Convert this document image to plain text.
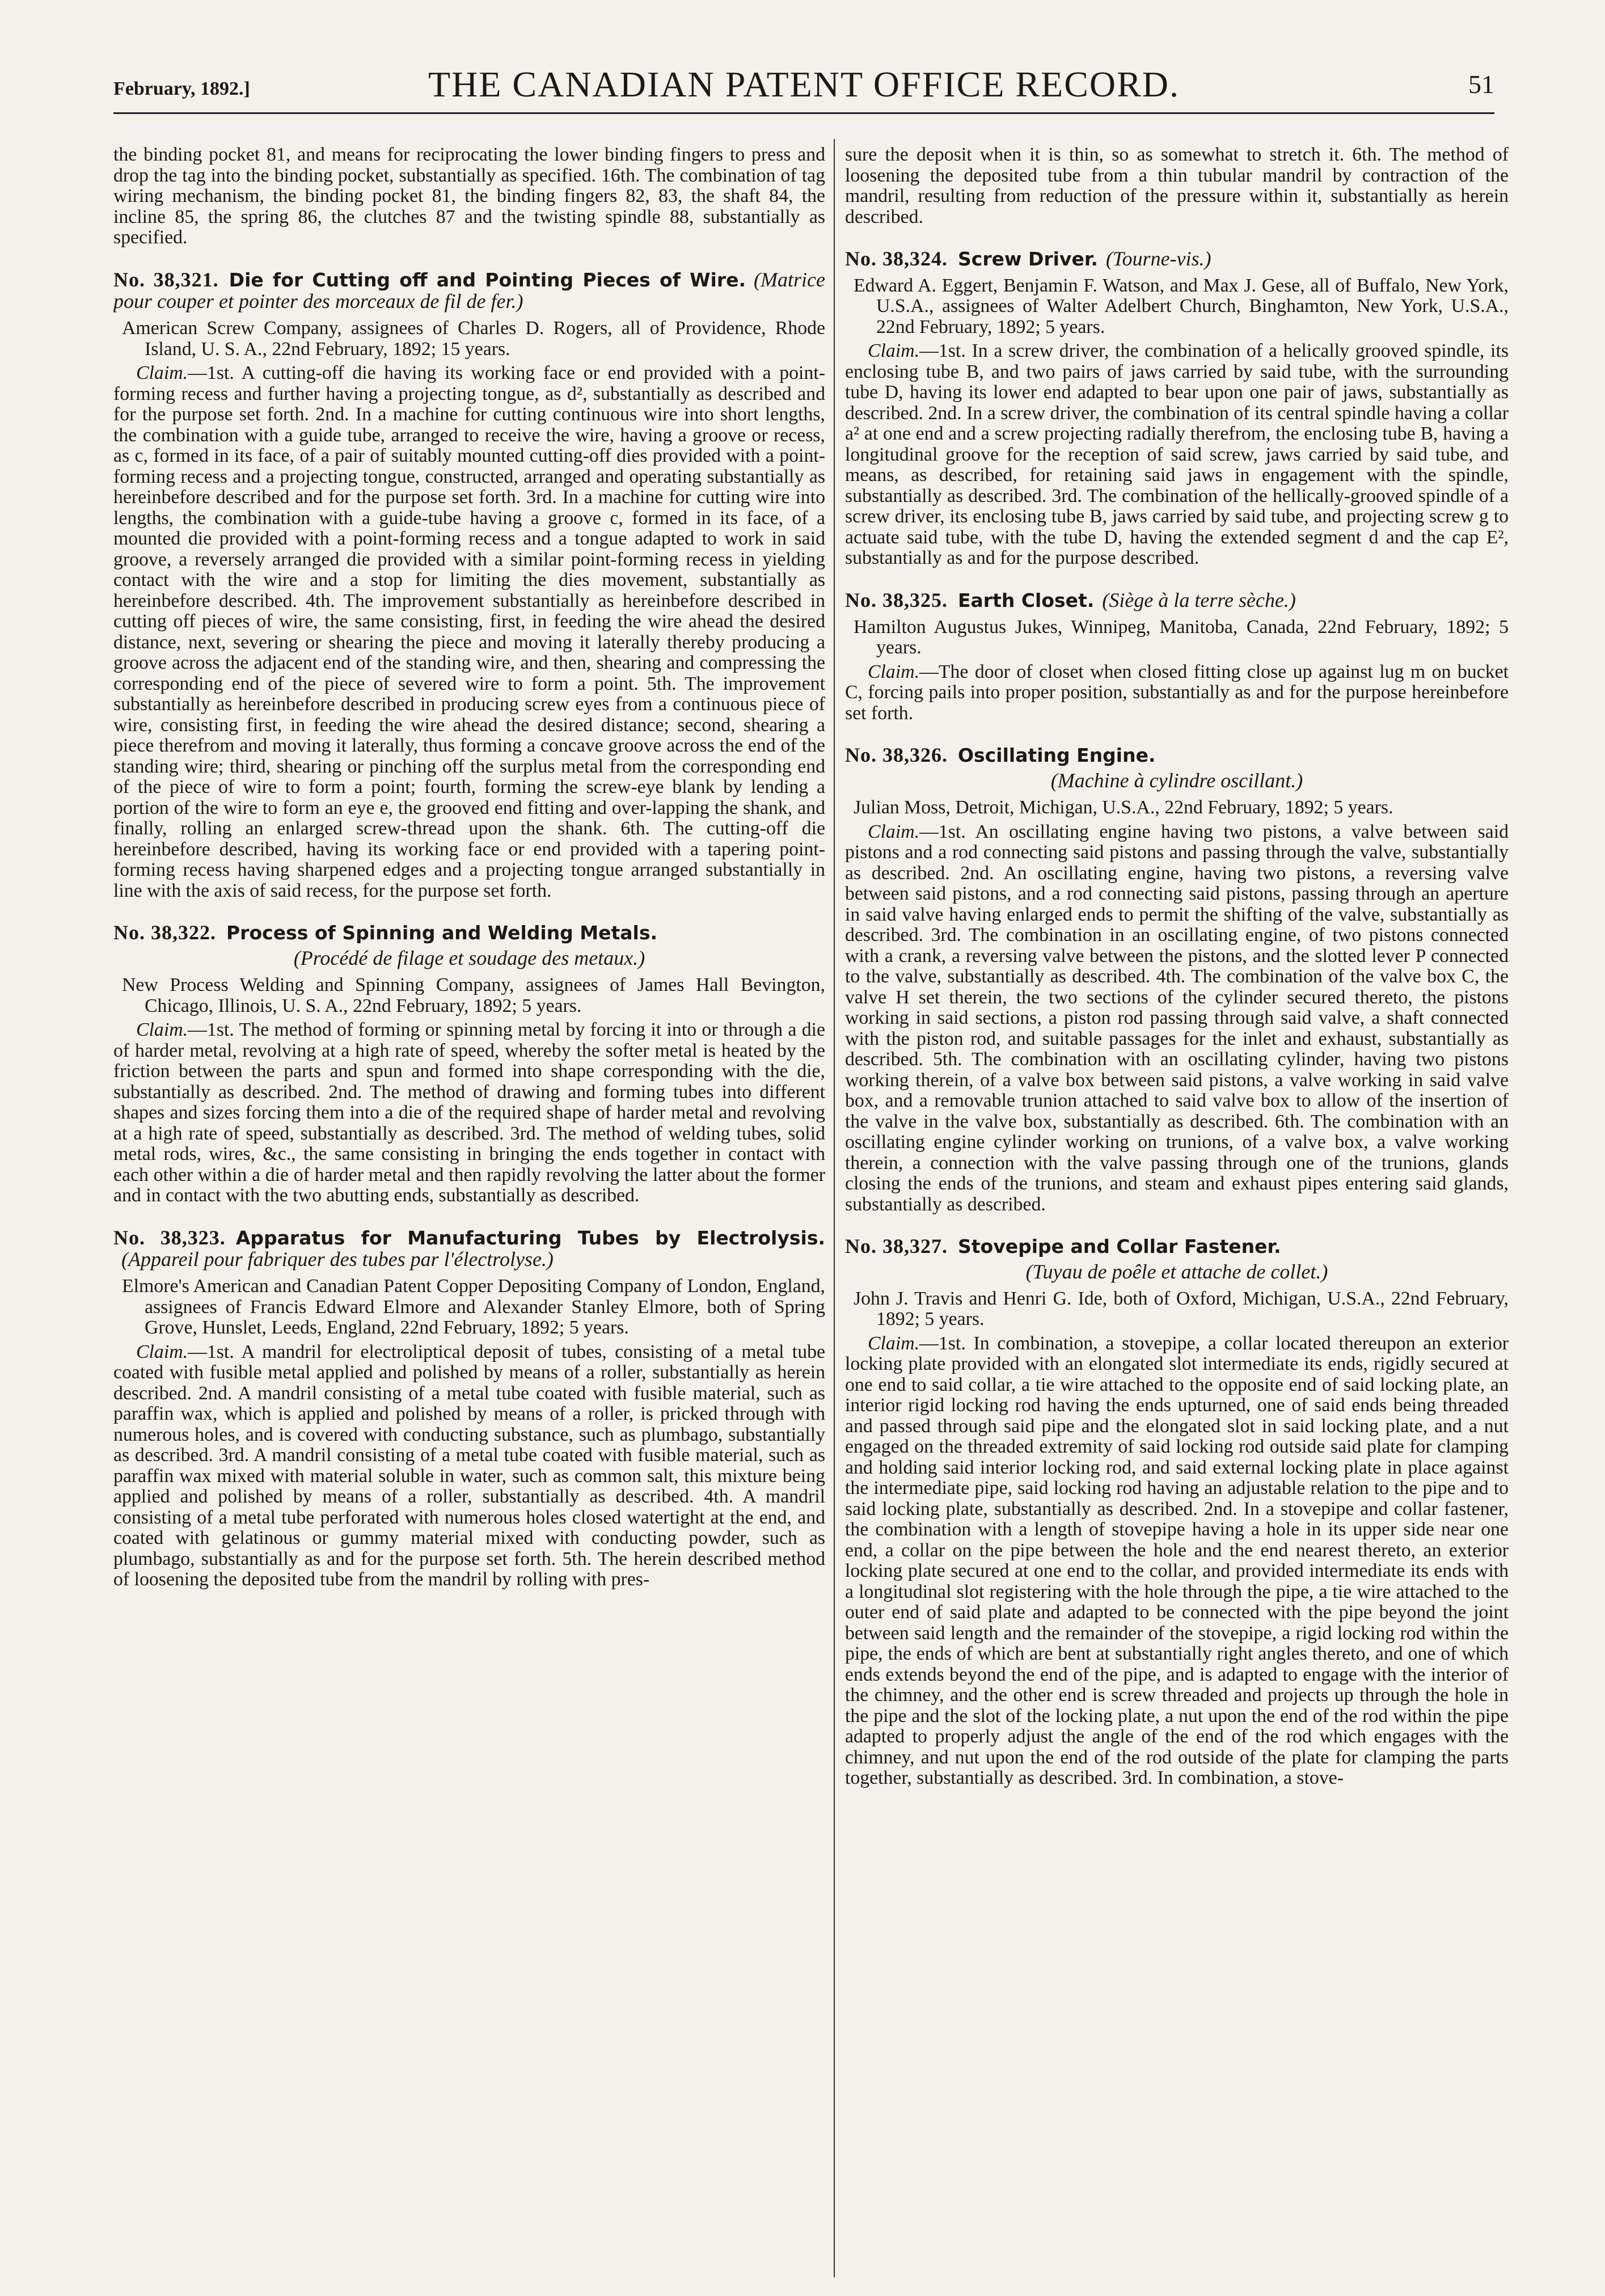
February, 1892.]	THE CANADIAN PATENT OFFICE RECORD.	51

the binding pocket 81, and means for reciprocating the lower binding fingers to press and drop the tag into the binding pocket, substantially as specified. 16th. The combination of tag wiring mechanism, the binding pocket 81, the binding fingers 82, 83, the shaft 84, the incline 85, the spring 86, the clutches 87 and the twisting spindle 88, substantially as specified.

No. 38,321. Die for Cutting off and Pointing Pieces of Wire. (Matrice pour couper et pointer des morceaux de fil de fer.)

American Screw Company, assignees of Charles D. Rogers, all of Providence, Rhode Island, U. S. A., 22nd February, 1892; 15 years.

Claim.—1st. A cutting-off die having its working face or end provided with a point-forming recess and further having a projecting tongue, as d², substantially as described and for the purpose set forth. 2nd. In a machine for cutting continuous wire into short lengths, the combination with a guide tube, arranged to receive the wire, having a groove or recess, as c, formed in its face, of a pair of suitably mounted cutting-off dies provided with a point-forming recess and a projecting tongue, constructed, arranged and operating substantially as hereinbefore described and for the purpose set forth. 3rd. In a machine for cutting wire into lengths, the combination with a guide-tube having a groove c, formed in its face, of a mounted die provided with a point-forming recess and a tongue adapted to work in said groove, a reversely arranged die provided with a similar point-forming recess in yielding contact with the wire and a stop for limiting the dies movement, substantially as hereinbefore described. 4th. The improvement substantially as hereinbefore described in cutting off pieces of wire, the same consisting, first, in feeding the wire ahead the desired distance, next, severing or shearing the piece and moving it laterally thereby producing a groove across the adjacent end of the standing wire, and then, shearing and compressing the corresponding end of the piece of severed wire to form a point. 5th. The improvement substantially as hereinbefore described in producing screw eyes from a continuous piece of wire, consisting first, in feeding the wire ahead the desired distance; second, shearing a piece therefrom and moving it laterally, thus forming a concave groove across the end of the standing wire; third, shearing or pinching off the surplus metal from the corresponding end of the piece of wire to form a point; fourth, forming the screw-eye blank by lending a portion of the wire to form an eye e, the grooved end fitting and over-lapping the shank, and finally, rolling an enlarged screw-thread upon the shank. 6th. The cutting-off die hereinbefore described, having its working face or end provided with a tapering point-forming recess having sharpened edges and a projecting tongue arranged substantially in line with the axis of said recess, for the purpose set forth.

No. 38,322. Process of Spinning and Welding Metals.
(Procédé de filage et soudage des metaux.)

New Process Welding and Spinning Company, assignees of James Hall Bevington, Chicago, Illinois, U. S. A., 22nd February, 1892; 5 years.

Claim.—1st. The method of forming or spinning metal by forcing it into or through a die of harder metal, revolving at a high rate of speed, whereby the softer metal is heated by the friction between the parts and spun and formed into shape corresponding with the die, substantially as described. 2nd. The method of drawing and forming tubes into different shapes and sizes forcing them into a die of the required shape of harder metal and revolving at a high rate of speed, substantially as described. 3rd. The method of welding tubes, solid metal rods, wires, &c., the same consisting in bringing the ends together in contact with each other within a die of harder metal and then rapidly revolving the latter about the former and in contact with the two abutting ends, substantially as described.

No. 38,323. Apparatus for Manufacturing Tubes by Electrolysis.(Appareil pour fabriquer des tubes par l'électrolyse.)

Elmore's American and Canadian Patent Copper Depositing Company of London, England, assignees of Francis Edward Elmore and Alexander Stanley Elmore, both of Spring Grove, Hunslet, Leeds, England, 22nd February, 1892; 5 years.

Claim.—1st. A mandril for electroliptical deposit of tubes, consisting of a metal tube coated with fusible metal applied and polished by means of a roller, substantially as herein described. 2nd. A mandril consisting of a metal tube coated with fusible material, such as paraffin wax, which is applied and polished by means of a roller, is pricked through with numerous holes, and is covered with conducting substance, such as plumbago, substantially as described. 3rd. A mandril consisting of a metal tube coated with fusible material, such as paraffin wax mixed with material soluble in water, such as common salt, this mixture being applied and polished by means of a roller, substantially as described. 4th. A mandril consisting of a metal tube perforated with numerous holes closed watertight at the end, and coated with gelatinous or gummy material mixed with conducting powder, such as plumbago, substantially as and for the purpose set forth. 5th. The herein described method of loosening the deposited tube from the mandril by rolling with pres-

sure the deposit when it is thin, so as somewhat to stretch it. 6th. The method of loosening the deposited tube from a thin tubular mandril by contraction of the mandril, resulting from reduction of the pressure within it, substantially as herein described.

No. 38,324. Screw Driver. (Tourne-vis.)

Edward A. Eggert, Benjamin F. Watson, and Max J. Gese, all of Buffalo, New York, U.S.A., assignees of Walter Adelbert Church, Binghamton, New York, U.S.A., 22nd February, 1892; 5 years.

Claim.—1st. In a screw driver, the combination of a helically grooved spindle, its enclosing tube B, and two pairs of jaws carried by said tube, with the surrounding tube D, having its lower end adapted to bear upon one pair of jaws, substantially as described. 2nd. In a screw driver, the combination of its central spindle having a collar a² at one end and a screw projecting radially therefrom, the enclosing tube B, having a longitudinal groove for the reception of said screw, jaws carried by said tube, and means, as described, for retaining said jaws in engagement with the spindle, substantially as described. 3rd. The combination of the hellically-grooved spindle of a screw driver, its enclosing tube B, jaws carried by said tube, and projecting screw g to actuate said tube, with the tube D, having the extended segment d and the cap E², substantially as and for the purpose described.

No. 38,325. Earth Closet. (Siège à la terre sèche.)

Hamilton Augustus Jukes, Winnipeg, Manitoba, Canada, 22nd February, 1892; 5 years.

Claim.—The door of closet when closed fitting close up against lug m on bucket C, forcing pails into proper position, substantially as and for the purpose hereinbefore set forth.

No. 38,326. Oscillating Engine.
(Machine à cylindre oscillant.)

Julian Moss, Detroit, Michigan, U.S.A., 22nd February, 1892; 5 years.

Claim.—1st. An oscillating engine having two pistons, a valve between said pistons and a rod connecting said pistons and passing through the valve, substantially as described. 2nd. An oscillating engine, having two pistons, a reversing valve between said pistons, and a rod connecting said pistons, passing through an aperture in said valve having enlarged ends to permit the shifting of the valve, substantially as described. 3rd. The combination in an oscillating engine, of two pistons connected with a crank, a reversing valve between the pistons, and the slotted lever P connected to the valve, substantially as described. 4th. The combination of the valve box C, the valve H set therein, the two sections of the cylinder secured thereto, the pistons working in said sections, a piston rod passing through said valve, a shaft connected with the piston rod, and suitable passages for the inlet and exhaust, substantially as described. 5th. The combination with an oscillating cylinder, having two pistons working therein, of a valve box between said pistons, a valve working in said valve box, and a removable trunion attached to said valve box to allow of the insertion of the valve in the valve box, substantially as described. 6th. The combination with an oscillating engine cylinder working on trunions, of a valve box, a valve working therein, a connection with the valve passing through one of the trunions, glands closing the ends of the trunions, and steam and exhaust pipes entering said glands, substantially as described.

No. 38,327. Stovepipe and Collar Fastener.
(Tuyau de poêle et attache de collet.)

John J. Travis and Henri G. Ide, both of Oxford, Michigan, U.S.A., 22nd February, 1892; 5 years.

Claim.—1st. In combination, a stovepipe, a collar located thereupon an exterior locking plate provided with an elongated slot intermediate its ends, rigidly secured at one end to said collar, a tie wire attached to the opposite end of said locking plate, an interior rigid locking rod having the ends upturned, one of said ends being threaded and passed through said pipe and the elongated slot in said locking plate, and a nut engaged on the threaded extremity of said locking rod outside said plate for clamping and holding said interior locking rod, and said external locking plate in place against the intermediate pipe, said locking rod having an adjustable relation to the pipe and to said locking plate, substantially as described. 2nd. In a stovepipe and collar fastener, the combination with a length of stovepipe having a hole in its upper side near one end, a collar on the pipe between the hole and the end nearest thereto, an exterior locking plate secured at one end to the collar, and provided intermediate its ends with a longitudinal slot registering with the hole through the pipe, a tie wire attached to the outer end of said plate and adapted to be connected with the pipe beyond the joint between said length and the remainder of the stovepipe, a rigid locking rod within the pipe, the ends of which are bent at substantially right angles thereto, and one of which ends extends beyond the end of the pipe, and is adapted to engage with the interior of the chimney, and the other end is screw threaded and projects up through the hole in the pipe and the slot of the locking plate, a nut upon the end of the rod within the pipe adapted to properly adjust the angle of the end of the rod which engages with the chimney, and nut upon the end of the rod outside of the plate for clamping the parts together, substantially as described. 3rd. In combination, a stove-
